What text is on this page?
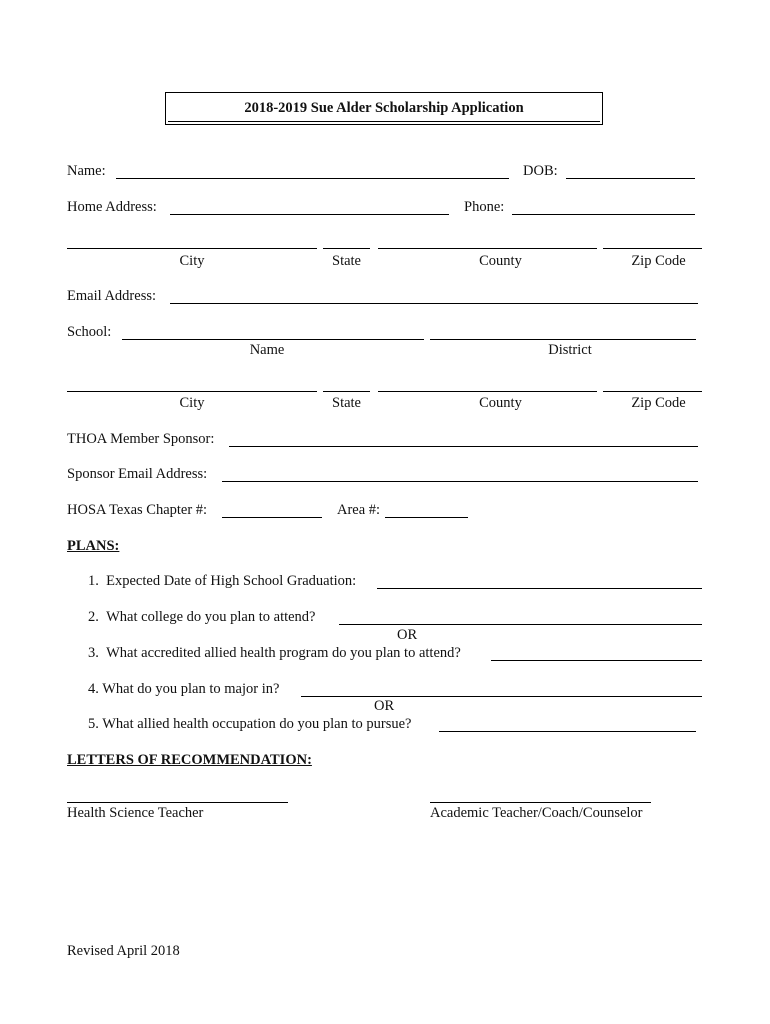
2018-2019 Sue Alder Scholarship Application
Name:	DOB:
Home Address:	Phone:
City	State	County	Zip Code
Email Address:
School:
Name	District
City	State	County	Zip Code
THOA Member Sponsor:
Sponsor Email Address:
HOSA Texas Chapter #:	Area #:
PLANS:
1.  Expected Date of High School Graduation:
2.  What college do you plan to attend?
OR
3.  What accredited allied health program do you plan to attend?
4. What do you plan to major in?
OR
5. What allied health occupation do you plan to pursue?
LETTERS OF RECOMMENDATION:
Health Science Teacher	Academic Teacher/Coach/Counselor
Revised April 2018
